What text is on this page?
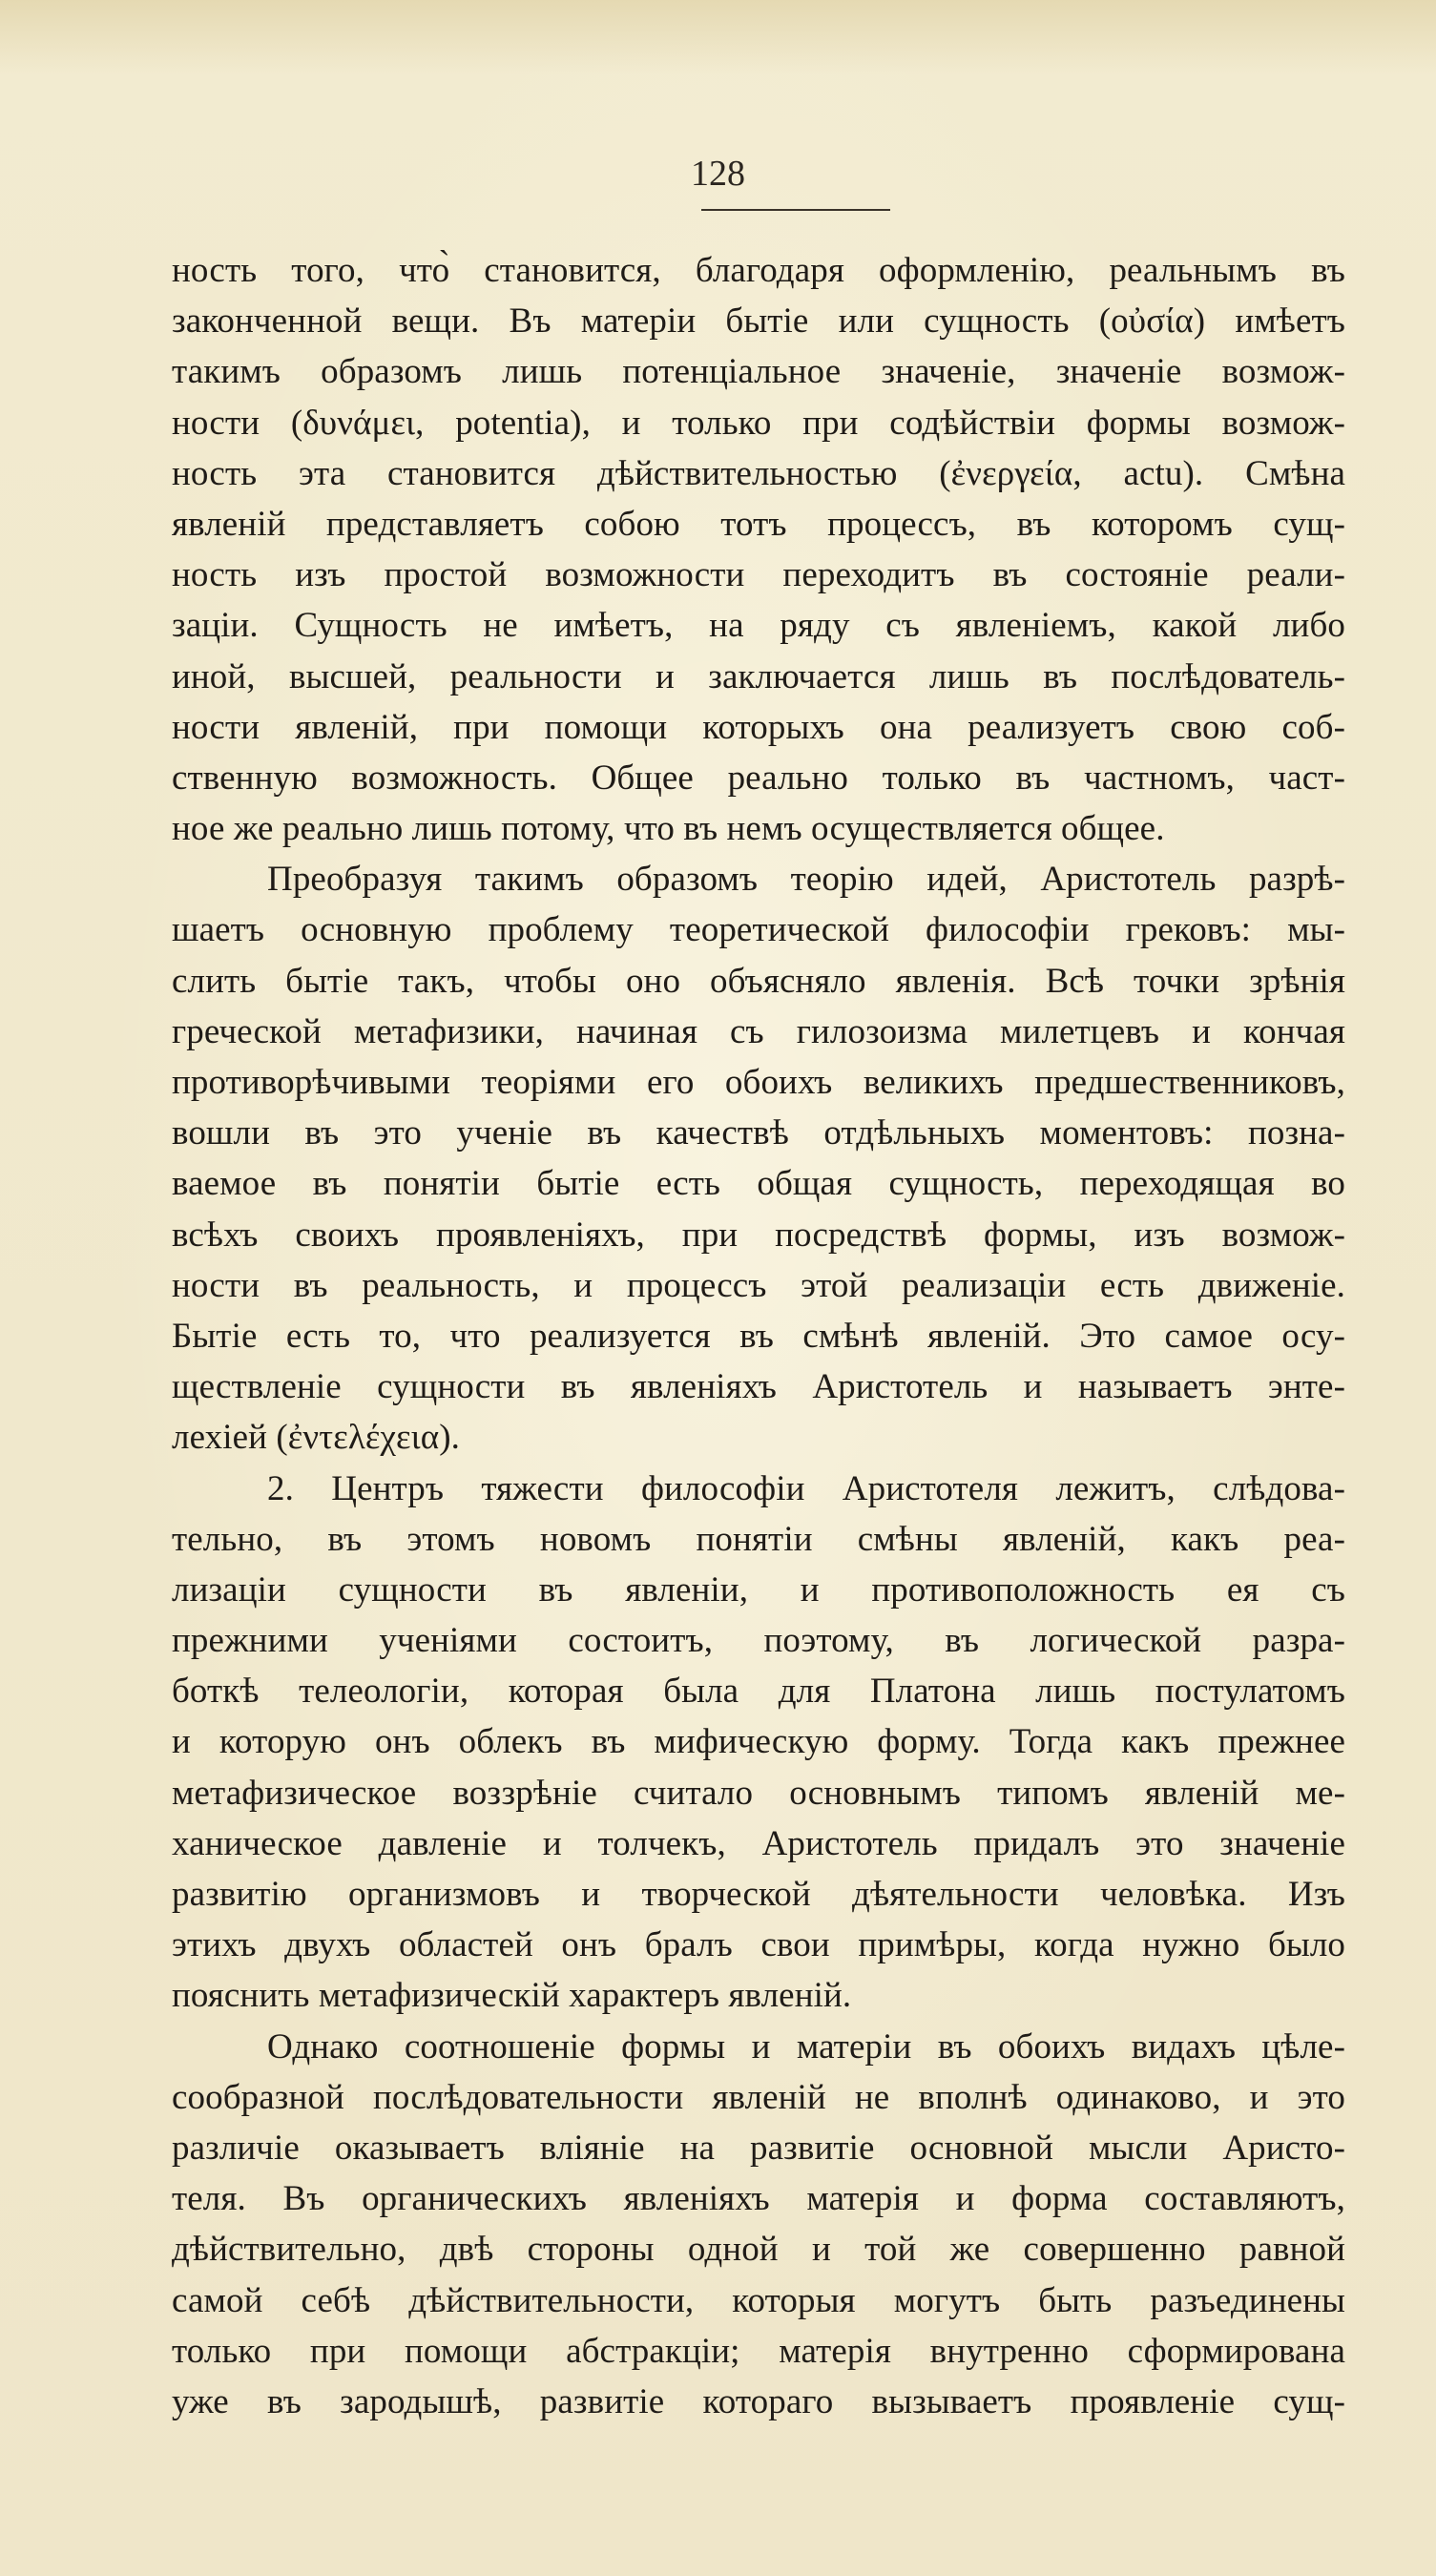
128
ность того, что̀ становится, благодаря оформленію, реальнымъ въ
законченной вещи. Въ матеріи бытіе или сущность (οὐσία) имѣетъ
такимъ образомъ лишь потенціальное значеніе, значеніе возмож-
ности (δυνάμει, potentia), и только при содѣйствіи формы возмож-
ность эта становится дѣйствительностью (ἐνεργεία, actu). Смѣна
явленій представляетъ собою тотъ процессъ, въ которомъ сущ-
ность изъ простой возможности переходитъ въ состояніе реали-
заціи. Сущность не имѣетъ, на ряду съ явленіемъ, какой либо
иной, высшей, реальности и заключается лишь въ послѣдователь-
ности явленій, при помощи которыхъ она реализуетъ свою соб-
ственную возможность. Общее реально только въ частномъ, част-
ное же реально лишь потому, что въ немъ осуществляется общее.
Преобразуя такимъ образомъ теорію идей, Аристотель разрѣ-
шаетъ основную проблему теоретической философіи грековъ: мы-
слить бытіе такъ, чтобы оно объясняло явленія. Всѣ точки зрѣнія
греческой метафизики, начиная съ гилозоизма милетцевъ и кончая
противорѣчивыми теоріями его обоихъ великихъ предшественниковъ,
вошли въ это ученіе въ качествѣ отдѣльныхъ моментовъ: позна-
ваемое въ понятіи бытіе есть общая сущность, переходящая во
всѣхъ своихъ проявленіяхъ, при посредствѣ формы, изъ возмож-
ности въ реальность, и процессъ этой реализаціи есть движеніе.
Бытіе есть то, что реализуется въ смѣнѣ явленій. Это самое осу-
ществленіе сущности въ явленіяхъ Аристотель и называетъ энте-
лехіей (ἐντελέχεια).
2. Центръ тяжести философіи Аристотеля лежитъ, слѣдова-
тельно, въ этомъ новомъ понятіи смѣны явленій, какъ реа-
лизаціи сущности въ явленіи, и противоположность ея съ
прежними ученіями состоитъ, поэтому, въ логической разра-
боткѣ телеологіи, которая была для Платона лишь постулатомъ
и которую онъ облекъ въ мифическую форму. Тогда какъ прежнее
метафизическое воззрѣніе считало основнымъ типомъ явленій ме-
ханическое давленіе и толчекъ, Аристотель придалъ это значеніе
развитію организмовъ и творческой дѣятельности человѣка. Изъ
этихъ двухъ областей онъ бралъ свои примѣры, когда нужно было
пояснить метафизическій характеръ явленій.
Однако соотношеніе формы и матеріи въ обоихъ видахъ цѣле-
сообразной послѣдовательности явленій не вполнѣ одинаково, и это
различіе оказываетъ вліяніе на развитіе основной мысли Аристо-
теля. Въ органическихъ явленіяхъ матерія и форма составляютъ,
дѣйствительно, двѣ стороны одной и той же совершенно равной
самой себѣ дѣйствительности, которыя могутъ быть разъединены
только при помощи абстракціи; матерія внутренно сформирована
уже въ зародышѣ, развитіе котораго вызываетъ проявленіе сущ-
